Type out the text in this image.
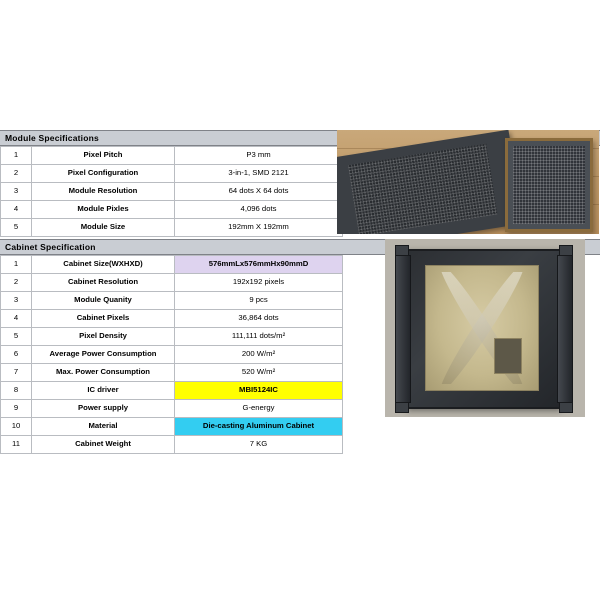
Module Specifications
1	Pixel Pitch	P3 mm
2	Pixel Configuration	3-in-1, SMD 2121
3	Module Resolution	64 dots X 64 dots
4	Module Pixles	4,096 dots
5	Module Size	192mm X 192mm
Cabinet Specification
1	Cabinet Size(WXHXD)	576mmLx576mmHx90mmD
2	Cabinet Resolution	192x192 pixels
3	Module Quanity	9 pcs
4	Cabinet Pixels	36,864 dots
5	Pixel Density	111,111 dots/m²
6	Average Power Consumption	200 W/m²
7	Max. Power Consumption	520 W/m²
8	IC driver	MBI5124IC
9	Power supply	G-energy
10	Material	Die-casting Aluminum Cabinet
11	Cabinet Weight	7 KG
